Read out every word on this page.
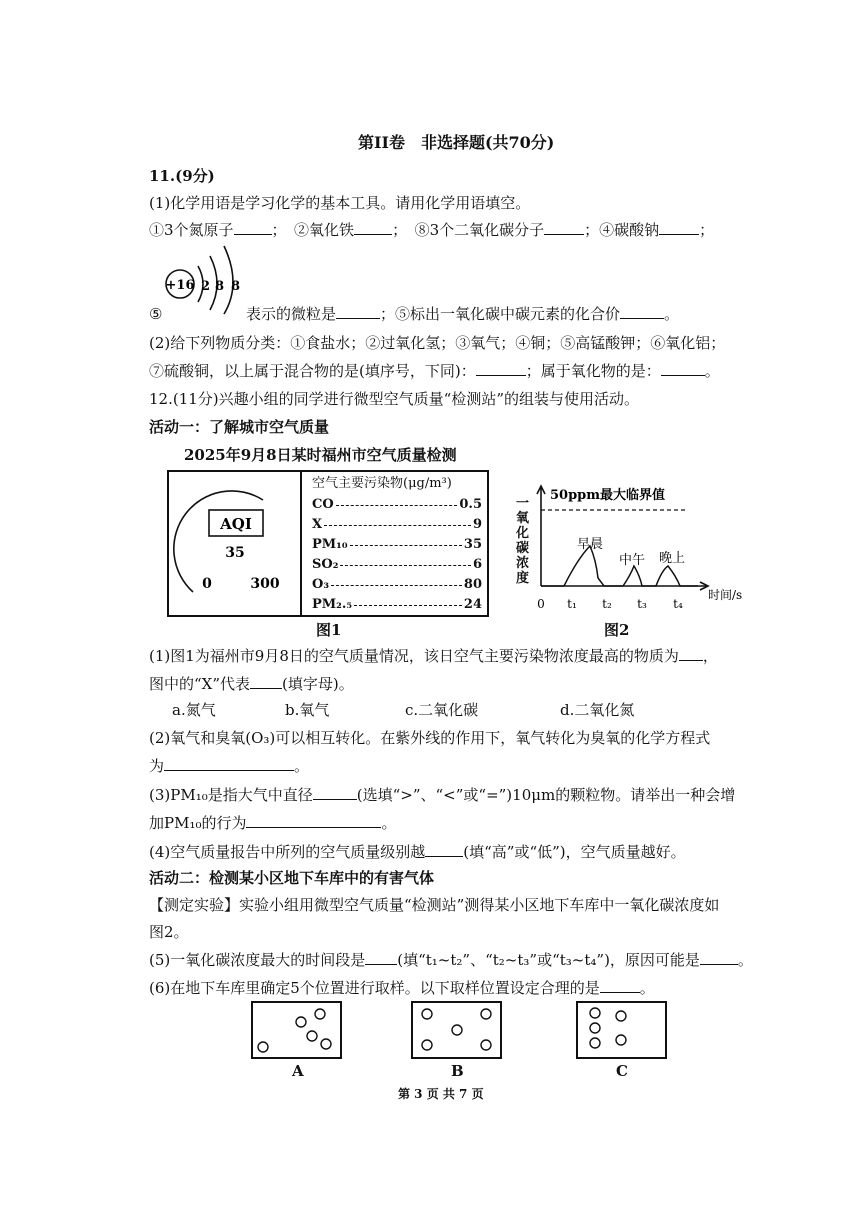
第II卷　非选择题(共70分)
11.(9分)
(1)化学用语是学习化学的基本工具。请用化学用语填空。
①3个氮原子	；　②氧化铁	；　⑧3个二氧化碳分子	；④碳酸钠	；
+16 2 8 8
⑤	表示的微粒是	；⑤标出一氧化碳中碳元素的化合价	。
(2)给下列物质分类：①食盐水；②过氧化氢；③氧气；④铜；⑤高锰酸钾；⑥氧化铝；
⑦硫酸铜，以上属于混合物的是(填序号，下同)：	；属于氧化物的是：	。
12.(11分)兴趣小组的同学进行微型空气质量“检测站”的组装与使用活动。
活动一：了解城市空气质量
2025年9月8日某时福州市空气质量检测
AQI
35
0	300
空气主要污染物(μg/m³)
CO	0.5
X	9
PM₁₀	35
SO₂	6
O₃	80
PM₂.₅	24
图1
50ppm最大临界值
早晨
中午 晚上
0 t₁ t₂ t₃ t₄
时间/s
一氧化碳浓度
图2
(1)图1为福州市9月8日的空气质量情况，该日空气主要污染物浓度最高的物质为 ，
图中的“X”代表 (填字母)。
a.氮气	b.氧气	c.二氧化碳	d.二氧化氮
(2)氧气和臭氧(O₃)可以相互转化。在紫外线的作用下，氧气转化为臭氧的化学方程式
为	。
(3)PM₁₀是指大气中直径	(选填“>”、“<”或“=”)10μm的颗粒物。请举出一种会增
加PM₁₀的行为	。
(4)空气质量报告中所列的空气质量级别越	(填“高”或“低”)，空气质量越好。
活动二：检测某小区地下车库中的有害气体
【测定实验】实验小组用微型空气质量“检测站”测得某小区地下车库中一氧化碳浓度如
图2。
(5)一氧化碳浓度最大的时间段是 (填“t₁~t₂”、“t₂~t₃”或“t₃~t₄”)，原因可能是	。
(6)在地下车库里确定5个位置进行取样。以下取样位置设定合理的是	。
A	B	C
第 3 页 共 7 页
